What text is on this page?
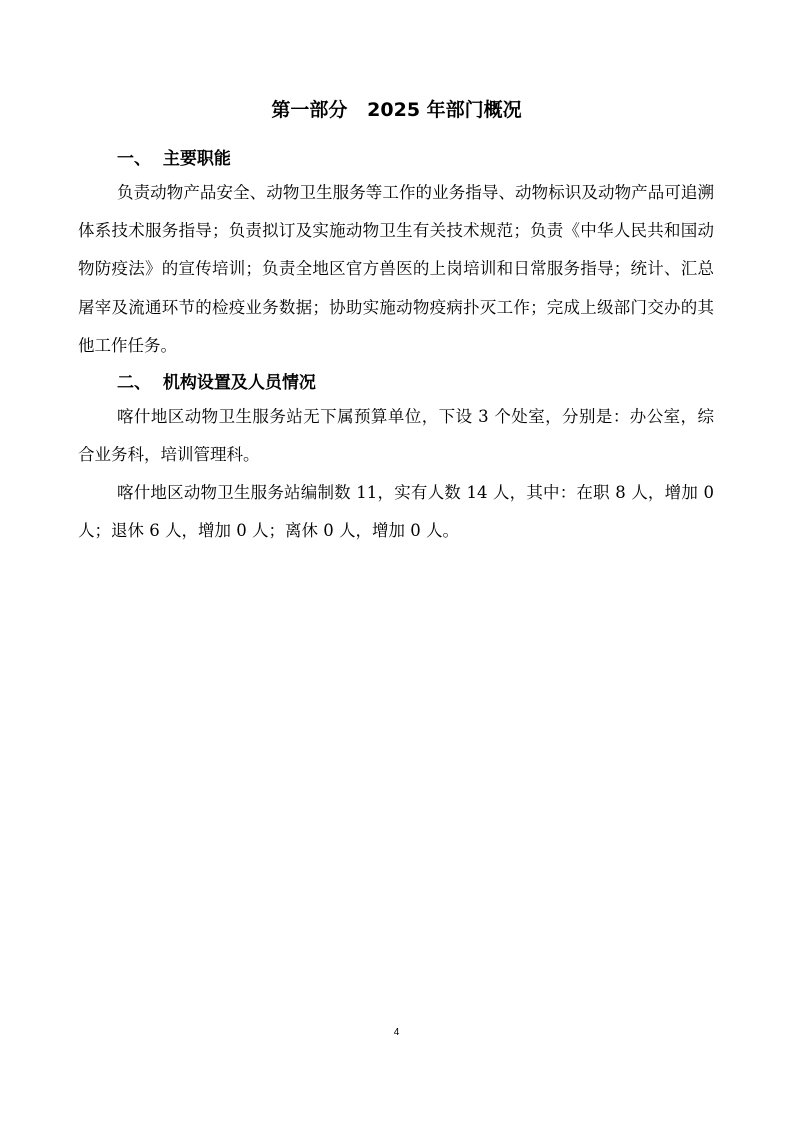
第一部分   2025 年部门概况
一、  主要职能

负责动物产品安全、动物卫生服务等工作的业务指导、动物标识及动物产品可追溯体系技术服务指导；负责拟订及实施动物卫生有关技术规范；负责《中华人民共和国动物防疫法》的宣传培训；负责全地区官方兽医的上岗培训和日常服务指导；统计、汇总屠宰及流通环节的检疫业务数据；协助实施动物疫病扑灭工作；完成上级部门交办的其他工作任务。

二、  机构设置及人员情况

喀什地区动物卫生服务站无下属预算单位，下设 3 个处室，分别是：办公室，综合业务科，培训管理科。

喀什地区动物卫生服务站编制数 11，实有人数 14 人，其中：在职 8 人，增加 0 人；退休 6 人，增加 0 人；离休 0 人，增加 0 人。

4
